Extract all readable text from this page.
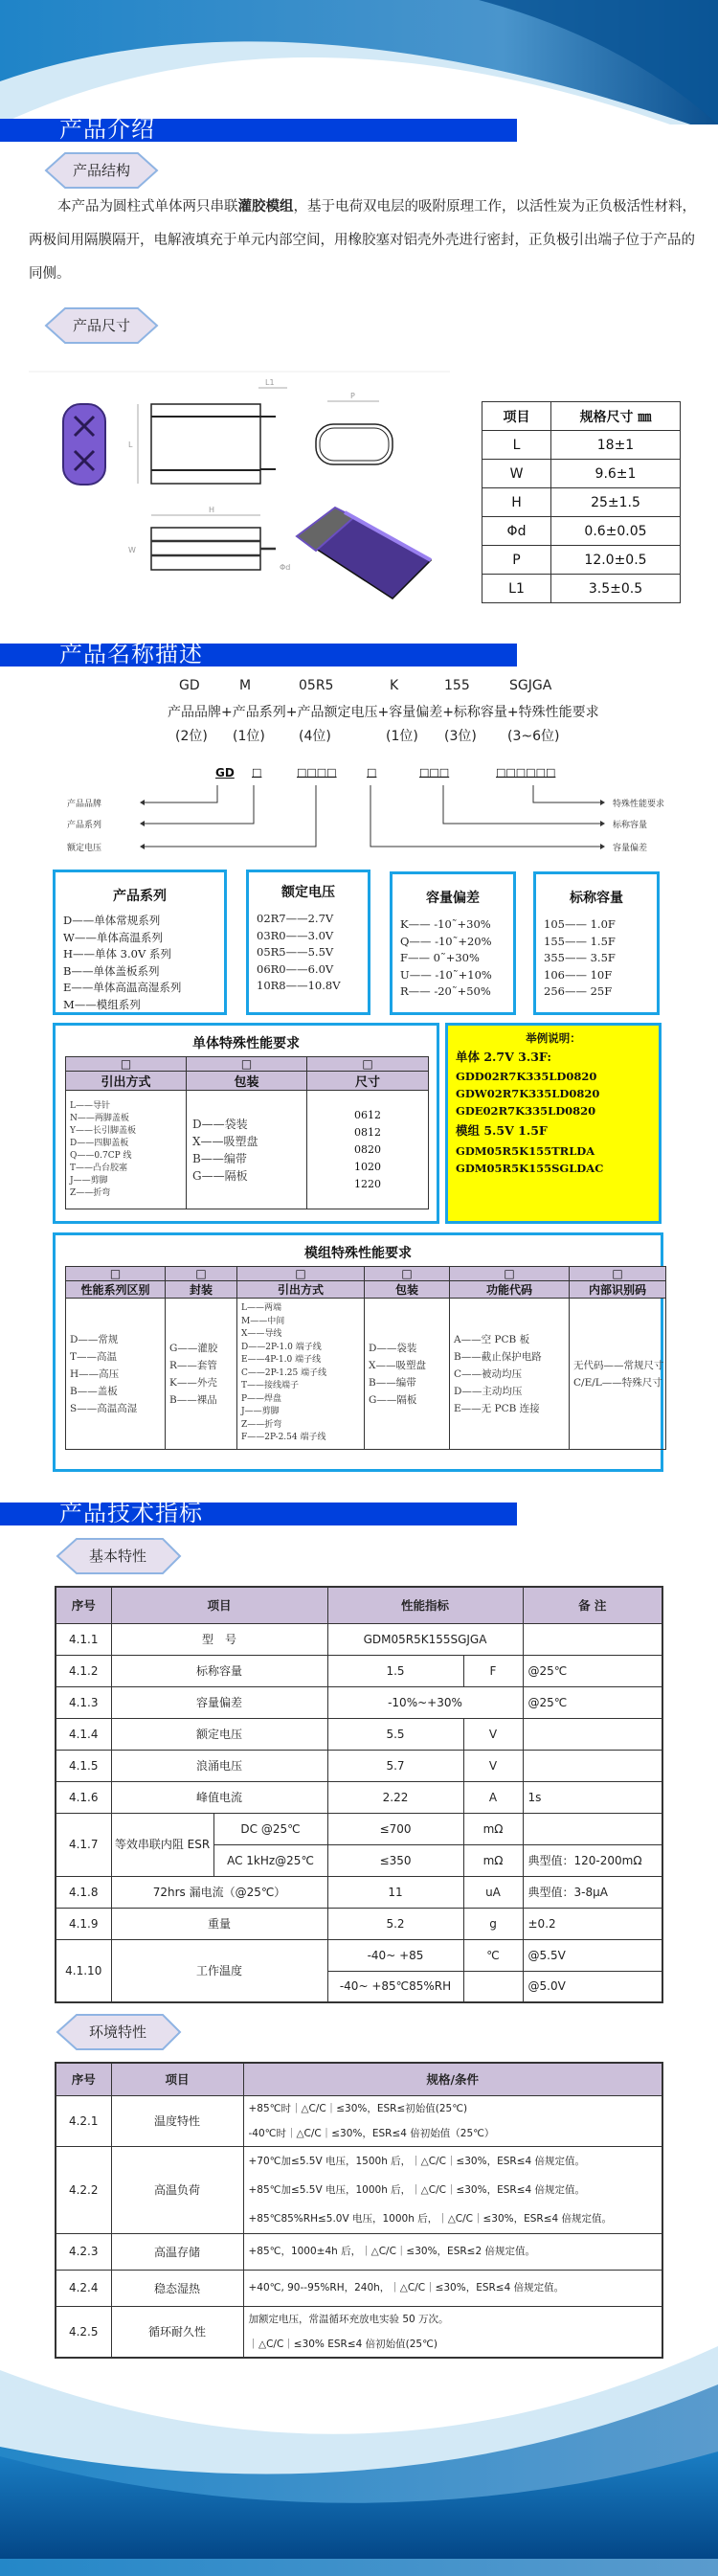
产品介绍
产品结构
本产品为圆柱式单体两只串联灌胶模组，基于电荷双电层的吸附原理工作，以活性炭为正负极活性材料，两极间用隔膜隔开，电解液填充于单元内部空间，用橡胶塞对铝壳外壳进行密封，正负极引出端子位于产品的同侧。
产品尺寸
L
L1
P
H
W
Φd
项目	规格尺寸 ㎜
L	18±1
W	9.6±1
H	25±1.5
Φd	0.6±0.05
P	12.0±0.5
L1	3.5±0.5
产品名称描述
GD	M	05R5	K	155	SGJGA
产品品牌+产品系列+产品额定电压+容量偏差+标称容量+特殊性能要求
(2位) (1位)	(4位)	(1位) (3位) (3~6位)
GD □	□□□□	□	□□□	□□□□□□
产品品牌
产品系列
额定电压
特殊性能要求
标称容量
容量偏差
产品系列
D——单体常规系列
W——单体高温系列
H——单体 3.0V 系列
B——单体盖板系列
E——单体高温高湿系列
M——模组系列
额定电压
02R7——2.7V
03R0——3.0V
05R5——5.5V
06R0——6.0V
10R8——10.8V
容量偏差
K—— -10˜+30%
Q—— -10˜+20%
F—— 0˜+30%
U—— -10˜+10%
R—— -20˜+50%
标称容量
105—— 1.0F
155—— 1.5F
355—— 3.5F
106—— 10F
256—— 25F
单体特殊性能要求
□	□	□
引出方式	包装	尺寸

L——导针
N——两脚盖板
Y——长引脚盖板
D——四脚盖板
Q——0.7CP 线
T——凸台胶塞
J——剪脚
Z——折弯

D——袋装
X——吸塑盘
B——编带
G——隔板

0612
0812
0820
1020
1220
举例说明：
单体 2.7V 3.3F:
GDD02R7K335LD0820
GDW02R7K335LD0820
GDE02R7K335LD0820
模组 5.5V 1.5F
GDM05R5K155TRLDA
GDM05R5K155SGLDAC
模组特殊性能要求
□	□	□	□	□	□
性能系列区别	封装	引出方式	包装	功能代码	内部识别码

D——常规
T——高温
H——高压
B——盖板
S——高温高湿

G——灌胶
R——套管
K——外壳
B——裸品

L——两端
M——中间
X——导线
D——2P-1.0 端子线
E——4P-1.0 端子线
C——2P-1.25 端子线
T——接线端子
P——焊盘
J——剪脚
Z——折弯
F——2P-2.54 端子线

D——袋装
X——吸塑盘
B——编带
G——隔板

A——空 PCB 板
B——截止保护电路
C——被动均压
D——主动均压
E——无 PCB 连接

无代码——常规尺寸
C/E/L——特殊尺寸
产品技术指标
基本特性
序号	项目		性能指标		备 注
4.1.1	型　号		GDM05R5K155SGJGA		
4.1.2	标称容量		1.5	F	@25℃
4.1.3	容量偏差		-10%~+30%		@25℃
4.1.4	额定电压		5.5	V	
4.1.5	浪涌电压		5.7	V	
4.1.6	峰值电流		2.22	A	1s
4.1.7	等效串联内阻 ESR	DC @25℃	≤700	mΩ	
		AC 1kHz@25℃	≤350	mΩ	典型值：120-200mΩ
4.1.8	72hrs 漏电流（@25℃）		11	uA	典型值：3-8μA
4.1.9	重量		5.2	g	±0.2
4.1.10	工作温度		-40~ +85	℃	@5.5V
			-40~ +85℃85%RH		@5.0V
环境特性
序号	项目	规格/条件
4.2.1	温度特性	+85℃时｜△C/C｜≤30%，ESR≤初始值(25℃)
-40℃时｜△C/C｜≤30%，ESR≤4 倍初始值（25℃）

4.2.2	高温负荷	+70℃加≤5.5V 电压，1500h 后，｜△C/C｜≤30%，ESR≤4 倍规定值。
+85℃加≤5.5V 电压，1000h 后，｜△C/C｜≤30%，ESR≤4 倍规定值。
+85℃85%RH≤5.0V 电压，1000h 后，｜△C/C｜≤30%，ESR≤4 倍规定值。

4.2.3	高温存储	+85℃，1000±4h 后，｜△C/C｜≤30%，ESR≤2 倍规定值。

4.2.4	稳态湿热	+40℃, 90--95%RH，240h，｜△C/C｜≤30%，ESR≤4 倍规定值。

4.2.5	循环耐久性	加额定电压，常温循环充放电实验 50 万次。
｜△C/C｜≤30% ESR≤4 倍初始值(25℃)
